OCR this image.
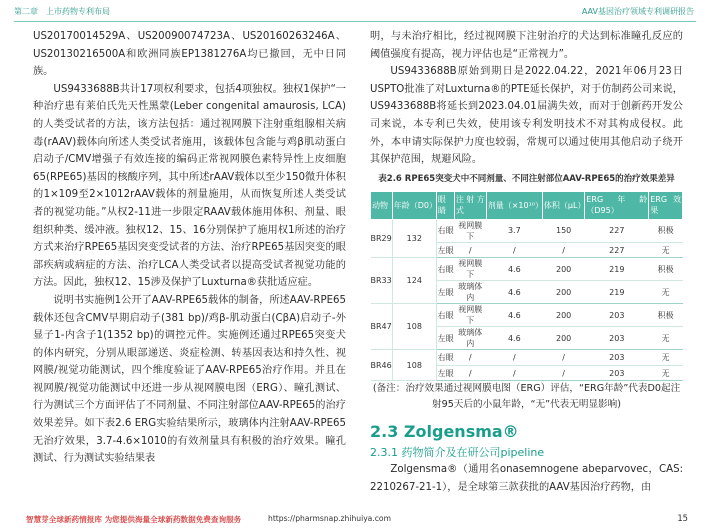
第二章　上市药物专利布局	AAV基因治疗领域专利调研报告

US20170014529A、US20090074723A、US20160263246A、US20130216500A和欧洲同族EP1381276A均已撤回，无中日同族。

US9433688B共计17项权利要求，包括4项独权。独权1保护“一种治疗患有莱伯氏先天性黑蒙(Leber congenital amaurosis, LCA)的人类受试者的方法，该方法包括：通过视网膜下注射重组腺相关病毒(rAAV)载体向所述人类受试者施用，该载体包含能与鸡β肌动蛋白启动子/CMV增强子有效连接的编码正常视网膜色素特异性上皮细胞65(RPE65)基因的核酸序列，其中所述rAAV载体以至少150微升体积的1×109至2×1012rAAV载体的剂量施用，从而恢复所述人类受试者的视觉功能。”从权2-11进一步限定RAAV载体施用体积、剂量、眼组织种类、缓冲液。独权12、15、16分别保护了施用权1所述的治疗方式来治疗RPE65基因突变受试者的方法、治疗RPE65基因突变的眼部疾病或病症的方法、治疗LCA人类受试者以提高受试者视觉功能的方法。因此，独权12、15涉及保护了Luxturna®获批适应症。

说明书实施例1公开了AAV-RPE65载体的制备，所述AAV-RPE65载体还包含CMV早期启动子(381 bp)/鸡β-肌动蛋白(CβA)启动子-外显子1-内含子1(1352 bp)的调控元件。实施例还通过RPE65突变犬的体内研究，分别从眼部递送、炎症检测、转基因表达和持久性、视网膜/视觉功能测试，四个维度验证了AAV-RPE65治疗作用。并且在视网膜/视觉功能测试中还进一步从视网膜电图（ERG）、瞳孔测试、行为测试三个方面评估了不同剂量、不同注射部位AAV-RPE65的治疗效果差异。如下表2.6 ERG实验结果所示，玻璃体内注射AAV-RPE65无治疗效果，3.7-4.6×1010的有效剂量具有积极的治疗效果。瞳孔测试、行为测试实验结果表

明，与未治疗相比，经过视网膜下注射治疗的犬达到标准瞳孔反应的阈值强度有提高，视力评估也是“正常视力”。

US9433688B原始到期日是2022.04.22，2021年06月23日USPTO批准了对Luxturna®的PTE延长保护，对于仿制药公司来说，US9433688B将延长到2023.04.01届满失效，而对于创新药开发公司来说，本专利已失效，使用该专利发明技术不对其构成侵权。此外，本申请实际保护力度也较弱，常规可以通过使用其他启动子绕开其保护范围，规避风险。

表2.6 RPE65突变犬中不同剂量、不同注射部位AAV-RPE65的治疗效果差异
动物	年龄（D0）	眼睛	注射方式	剂量（×10¹⁰）	体积（μL）	ERG年龄（D95）	ERG效果
BR29	132	右眼	视网膜下	3.7	150	227	积极
		左眼	/	/	/	227	无
BR33	124	右眼	视网膜下	4.6	200	219	积极
		左眼	玻璃体内	4.6	200	219	无
BR47	108	右眼	视网膜下	4.6	200	203	积极
		左眼	玻璃体内	4.6	200	203	无
BR46	108	右眼	/	/	/	203	无
		左眼	/	/	/	203	无

(备注：治疗效果通过视网膜电图（ERG）评估，“ERG年龄”代表D0起注射95天后的小鼠年龄，“无”代表无明显影响)

2.3 Zolgensma®
2.3.1 药物简介及在研公司pipeline

Zolgensma®（通用名onasemnogene abeparvovec，CAS: 2210267-21-1），是全球第三款获批的AAV基因治疗药物，由

智慧芽全球新药情报库 为您提供海量全球新药数据免费查询服务	https://pharmsnap.zhihuiya.com	15
